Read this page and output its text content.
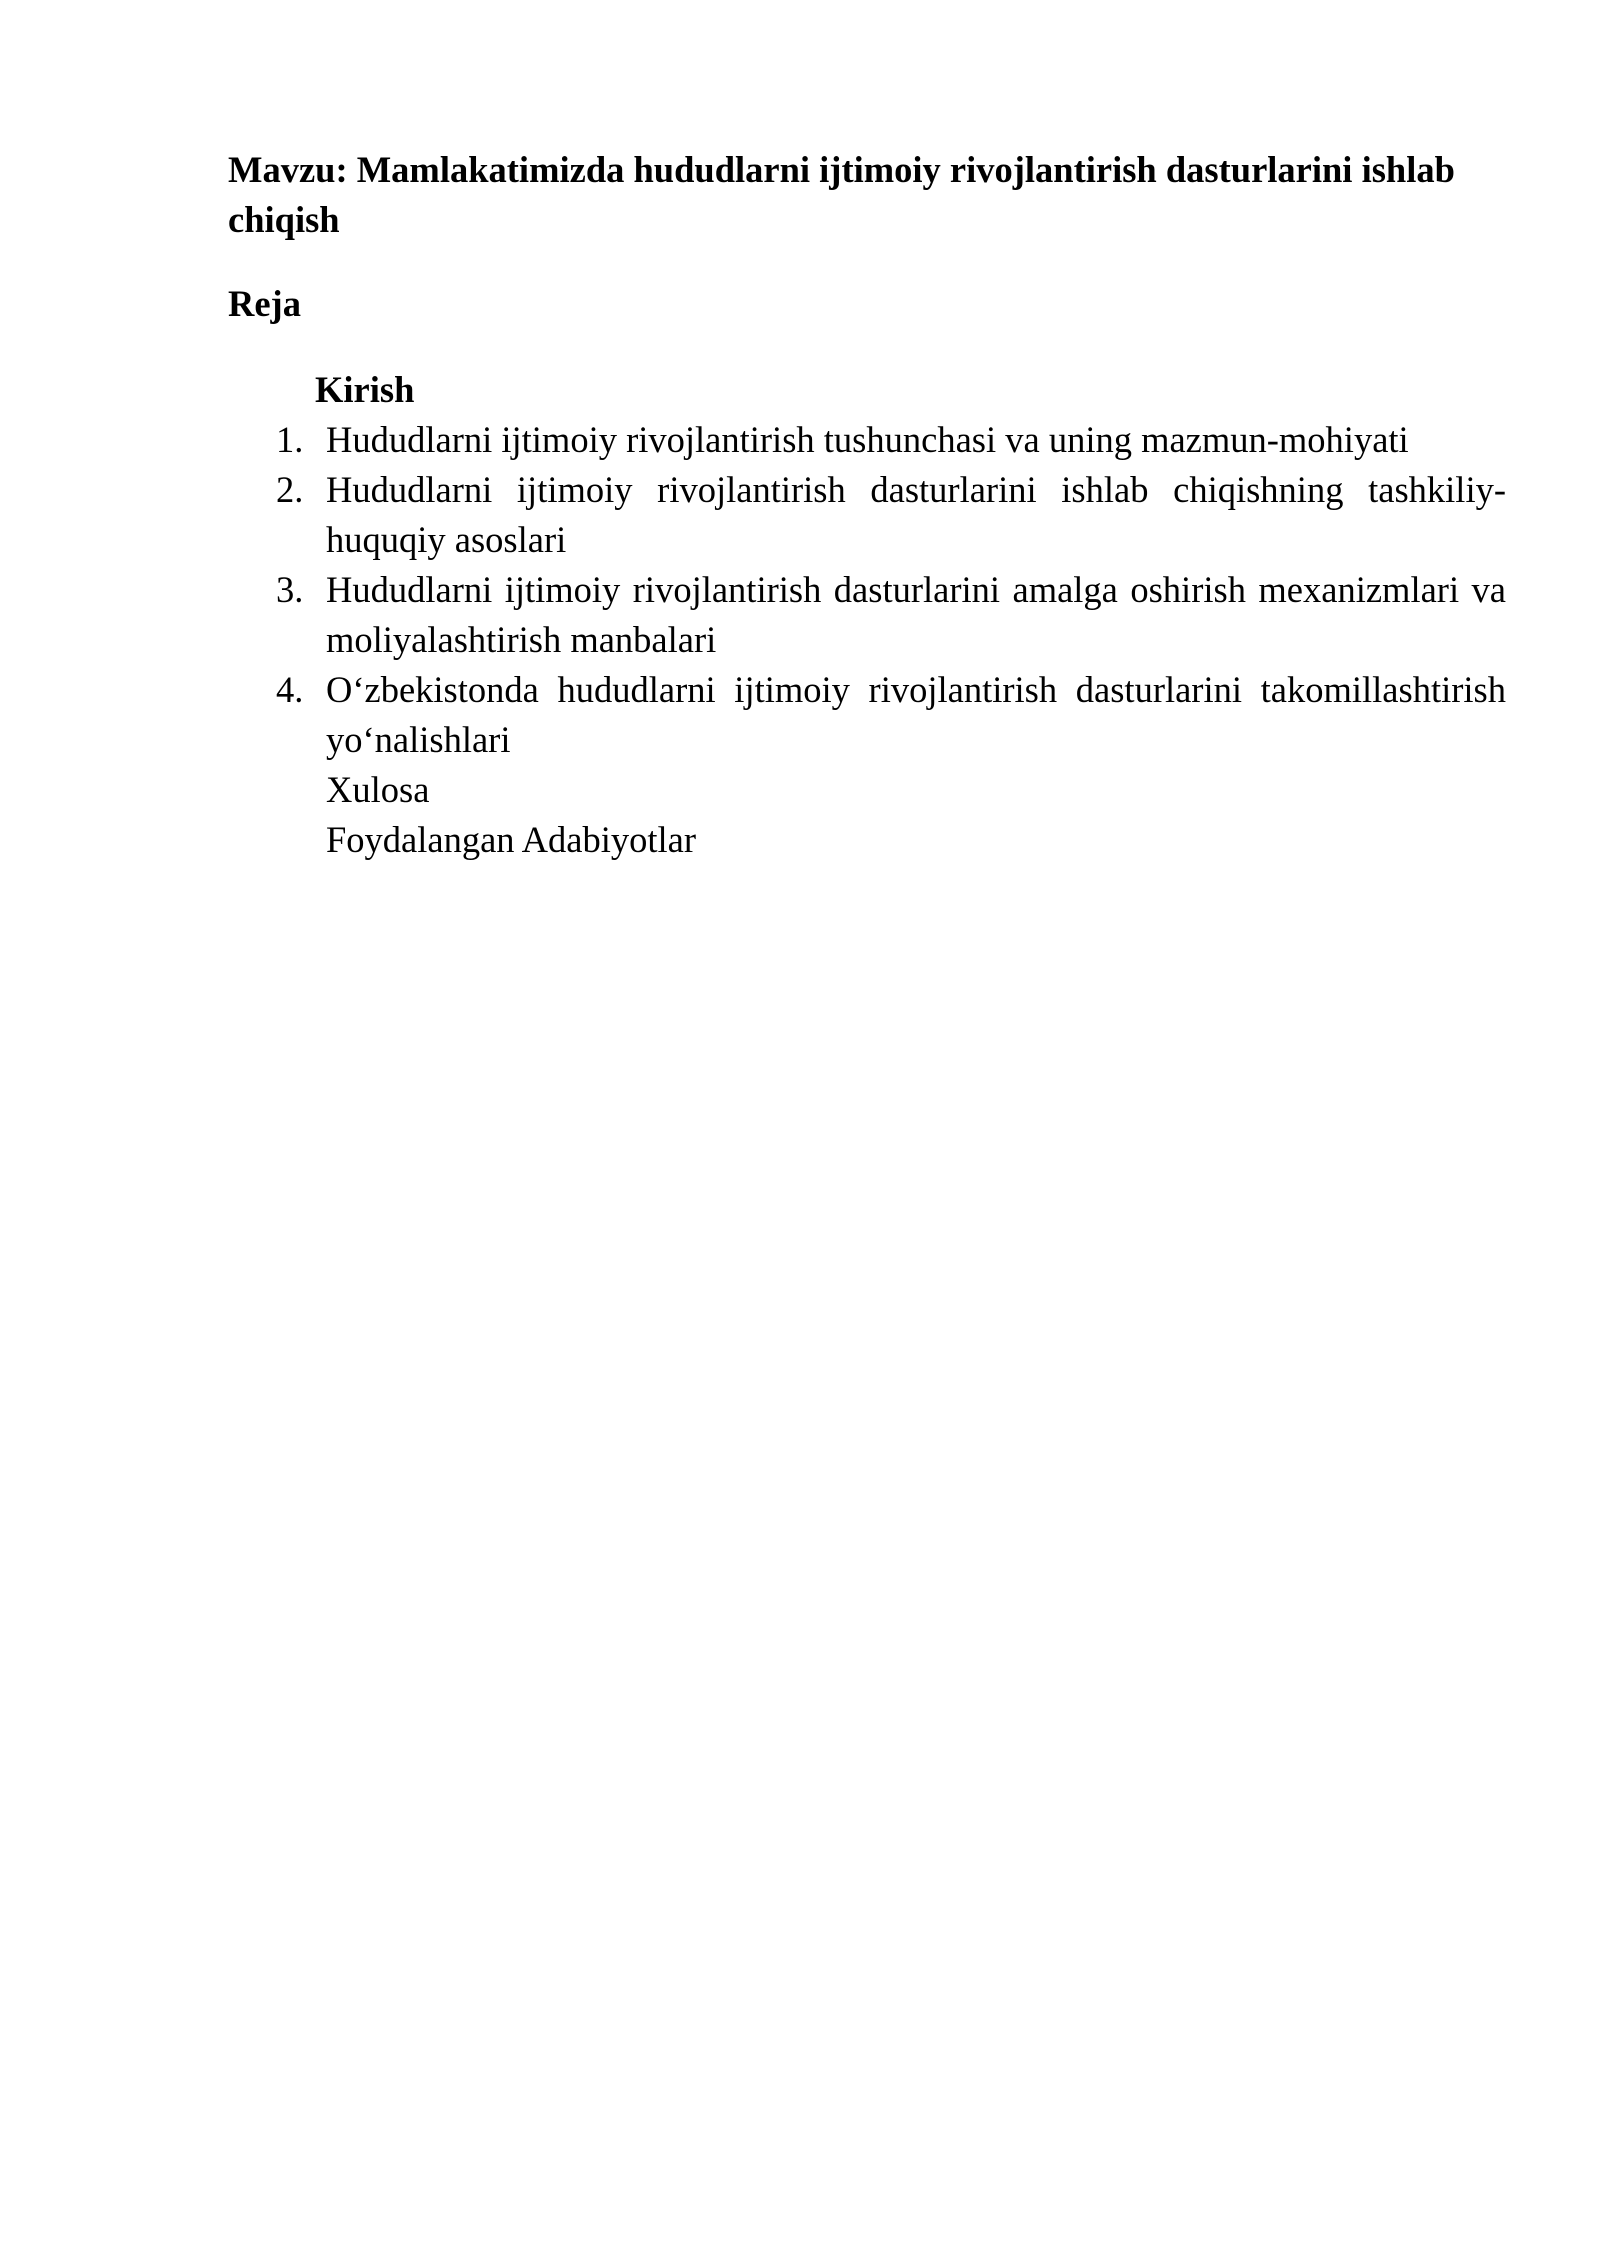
Mavzu: Mamlakatimizda hududlarni ijtimoiy rivojlantirish dasturlarini ishlab chiqish

Reja

Kirish

1. Hududlarni ijtimoiy rivojlantirish tushunchasi va uning mazmun-mohiyati
2. Hududlarni ijtimoiy rivojlantirish dasturlarini ishlab chiqishning tashkiliy-huquqiy asoslari
3. Hududlarni ijtimoiy rivojlantirish dasturlarini amalga oshirish mexanizmlari va moliyalashtirish manbalari
4. O‘zbekistonda hududlarni ijtimoiy rivojlantirish dasturlarini takomillashtirish yo‘nalishlari

Xulosa

Foydalangan Adabiyotlar
